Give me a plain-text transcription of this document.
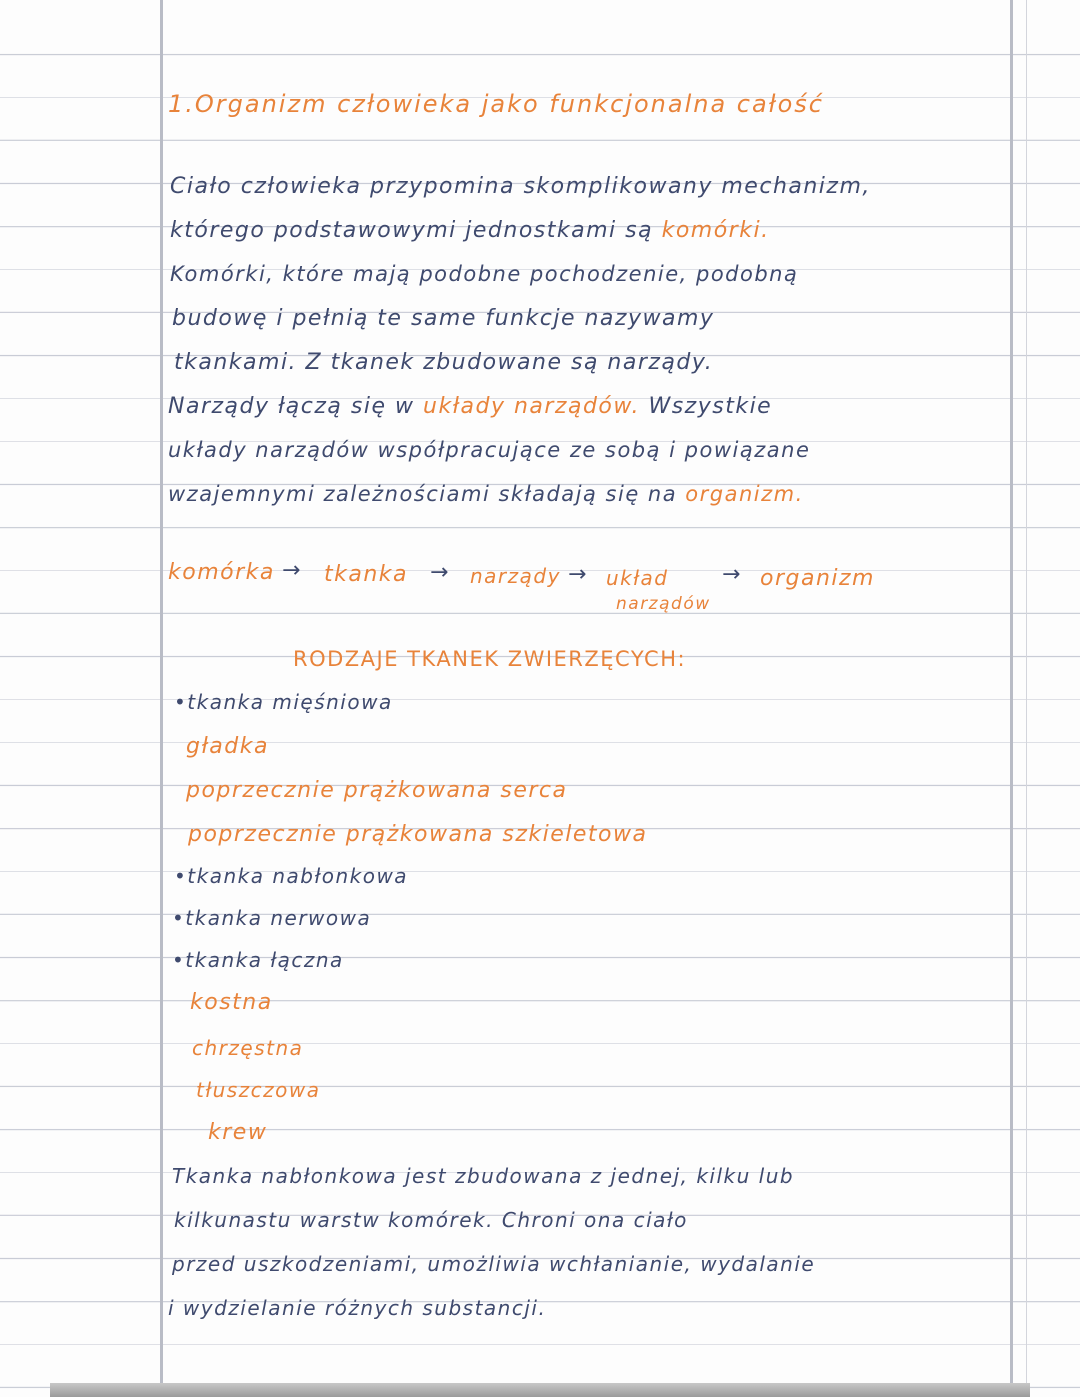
1.Organizm człowieka jako funkcjonalna całość
Ciało człowieka przypomina skomplikowany mechanizm,
którego podstawowymi jednostkami są komórki.
Komórki, które mają podobne pochodzenie, podobną
budowę i pełnią te same funkcje nazywamy
tkankami. Z tkanek zbudowane są narządy.
Narządy łączą się w układy narządów. Wszystkie
układy narządów współpracujące ze sobą i powiązane
wzajemnymi zależnościami składają się na organizm.
komórka → tkanka → narządy → układ
narządów
→ organizm
RODZAJE TKANEK ZWIERZĘCYCH:
•tkanka mięśniowa
gładka
poprzecznie prążkowana serca
poprzecznie prążkowana szkieletowa
•tkanka nabłonkowa
•tkanka nerwowa
•tkanka łączna
kostna
chrzęstna
tłuszczowa
krew
Tkanka nabłonkowa jest zbudowana z jednej, kilku lub
kilkunastu warstw komórek. Chroni ona ciało
przed uszkodzeniami, umożliwia wchłanianie, wydalanie
i wydzielanie różnych substancji.
